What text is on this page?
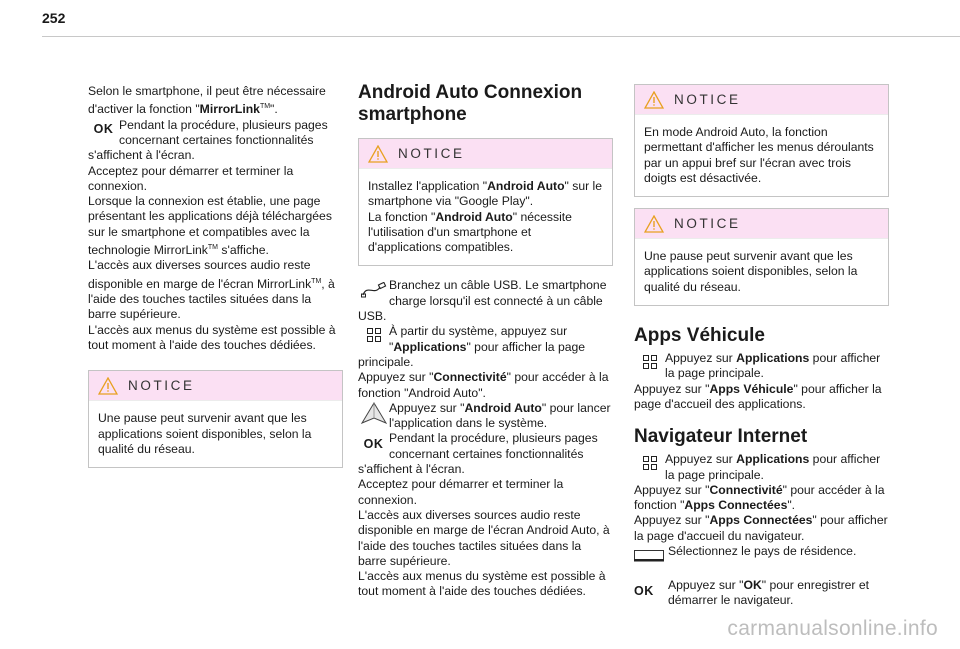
252

Selon le smartphone, il peut être nécessaire d'activer la fonction "MirrorLink™".

OK Pendant la procédure, plusieurs pages concernant certaines fonctionnalités

s'affichent à l'écran.

Acceptez pour démarrer et terminer la connexion.

Lorsque la connexion est établie, une page présentant les applications déjà téléchargées sur le smartphone et compatibles avec la technologie MirrorLink™ s'affiche.

L'accès aux diverses sources audio reste disponible en marge de l'écran MirrorLink™, à l'aide des touches tactiles situées dans la barre supérieure.

L'accès aux menus du système est possible à tout moment à l'aide des touches dédiées.

NOTICE
Une pause peut survenir avant que les applications soient disponibles, selon la qualité du réseau.
Android Auto Connexion smartphone
NOTICE
Installez l'application "Android Auto" sur le smartphone via "Google Play".
La fonction "Android Auto" nécessite l'utilisation d'un smartphone et d'applications compatibles.
Branchez un câble USB. Le smartphone charge lorsqu'il est connecté à un câble

USB.

À partir du système, appuyez sur "Applications" pour afficher la page

principale.

Appuyez sur "Connectivité" pour accéder à la fonction "Android Auto".

Appuyez sur "Android Auto" pour lancer l'application dans le système.
OK Pendant la procédure, plusieurs pages concernant certaines fonctionnalités

s'affichent à l'écran.

Acceptez pour démarrer et terminer la connexion.

L'accès aux diverses sources audio reste disponible en marge de l'écran Android Auto, à l'aide des touches tactiles situées dans la barre supérieure.

L'accès aux menus du système est possible à tout moment à l'aide des touches dédiées.

NOTICE
En mode Android Auto, la fonction permettant d'afficher les menus déroulants par un appui bref sur l'écran avec trois doigts est désactivée.
NOTICE
Une pause peut survenir avant que les applications soient disponibles, selon la qualité du réseau.
Apps Véhicule
Appuyez sur Applications pour afficher la page principale.

Appuyez sur "Apps Véhicule" pour afficher la page d'accueil des applications.

Navigateur Internet
Appuyez sur Applications pour afficher la page principale.

Appuyez sur "Connectivité" pour accéder à la fonction "Apps Connectées".

Appuyez sur "Apps Connectées" pour afficher la page d'accueil du navigateur.

Sélectionnez le pays de résidence.
OK	Appuyez sur "OK" pour enregistrer et démarrer le navigateur.
carmanualsonline.info
